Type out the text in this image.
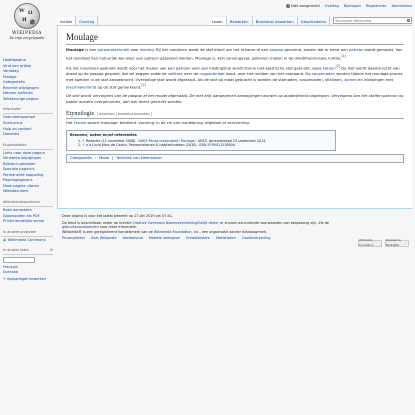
Niet aangemeld Overleg Bijdragen Registreren Aanmelden
W Ω
И 維
WIKIPEDIA
De vrije encyclopedie
Hoofdpagina
Vind een artikel
Vandaag
Etalage
Categorieën
Recente wijzigingen
Nieuwe artikelen
Willekeurige pagina
Informatie
Gebruikersportaal
Snelcursus
Hulp en contact
Donaties
Hulpmiddelen
Links naar deze pagina
Verwante wijzigingen
Bestand uploaden
Speciale pagina's
Permanente koppeling
Paginagegevens
Deze pagina citeren
Wikidata-item
Afdrukken/exporteren
Boek aanmaken
Downloaden als PDF
Printvriendelijke versie
In andere projecten
◉ Wikimedia Commons
In andere talen	⚙

Français
Svenska
✎ Koppelingen bewerken
Artikel Overleg	Lezen Bewerken Brontekst bewerken Geschiedenis	Doorzoek Wikipedia
Moulage

Moulage is een ontwerptechniek voor kleding. Bij het mouleren wordt de stof direct om het lichaam of een paspop gevormd, zonder dat er eerst een patroon wordt gemaakt. Van het resultaat kan natuurlijk wel weer een patroon getekend worden. Moulage is, kort samengevat, patronen maken in de driedimensionale ruimte.[1]

Als het moulieren gebruikt wordt voor het maken van een patroon voor een kledingstuk wordt dunne niet-elastische stof gebruikt, zoals katoen[2] De stof wordt daarbij recht van draad op de paspop gespeld, dat wil zeggen zodat de selfkant over de rugpandnaad loopt, over het midden van het voorpand. De coupenaden worden tijdens het moulage-proces met spelden in de stof aangebracht. Overtollige stof wordt afgeknipt. Als de stof op maat gebracht is worden de stofnaden, coupenaden, stiklijnen, zomen en inkepingen met kleermakerskrijt op de stof gemarkeerd.[2]

De stof wordt vervolgens van de paspop af het model afgehaald. De met krijt aangegeven aanwijzingen worden op duidelijkheid nagelopen. Vervolgens kan het stoffen patroon op papier worden overgenomen, dan wel direct gebruikt worden.

Etymologie [ bewerken | brontekst bewerken ]

Het Franse woord 'moulage' betekent 'vorming' in de zin van modelering, afgietsel of vervorming.

Bronnen, noten en/of referenties
1. ↑ Redactie (11 november 2008). 'AHEZ Penza presenteert: Moulage'. AHEZ, geraadpleegd 23 september 2014.
2. ↑ a b Lucia Mors de Castro, Patroontekenen & naaitechnieken (2010). ISBN 9789021538606.
Categorieën : Mode | Techniek van kleermaken

Deze pagina is voor het laatst bewerkt op 17 okt 2019 om 07:41.

De tekst is beschikbaar onder de licentie Creative Commons Naamsvermelding/Gelijk delen, er kunnen aanvullende voorwaarden van toepassing zijn. Zie de gebruiksvoorwaarden voor meer informatie.
Wikipedia® is een geregistreerd handelsmerk van de Wikimedia Foundation, Inc., een organisatie zonder winstoogmerk.

Privacybeleid Over Wikipedia Voorbehoud Mobiele weergave Ontwikkelaars Statistieken Cookieverklaring
Wikimedia Foundation
Powered by MediaWiki
